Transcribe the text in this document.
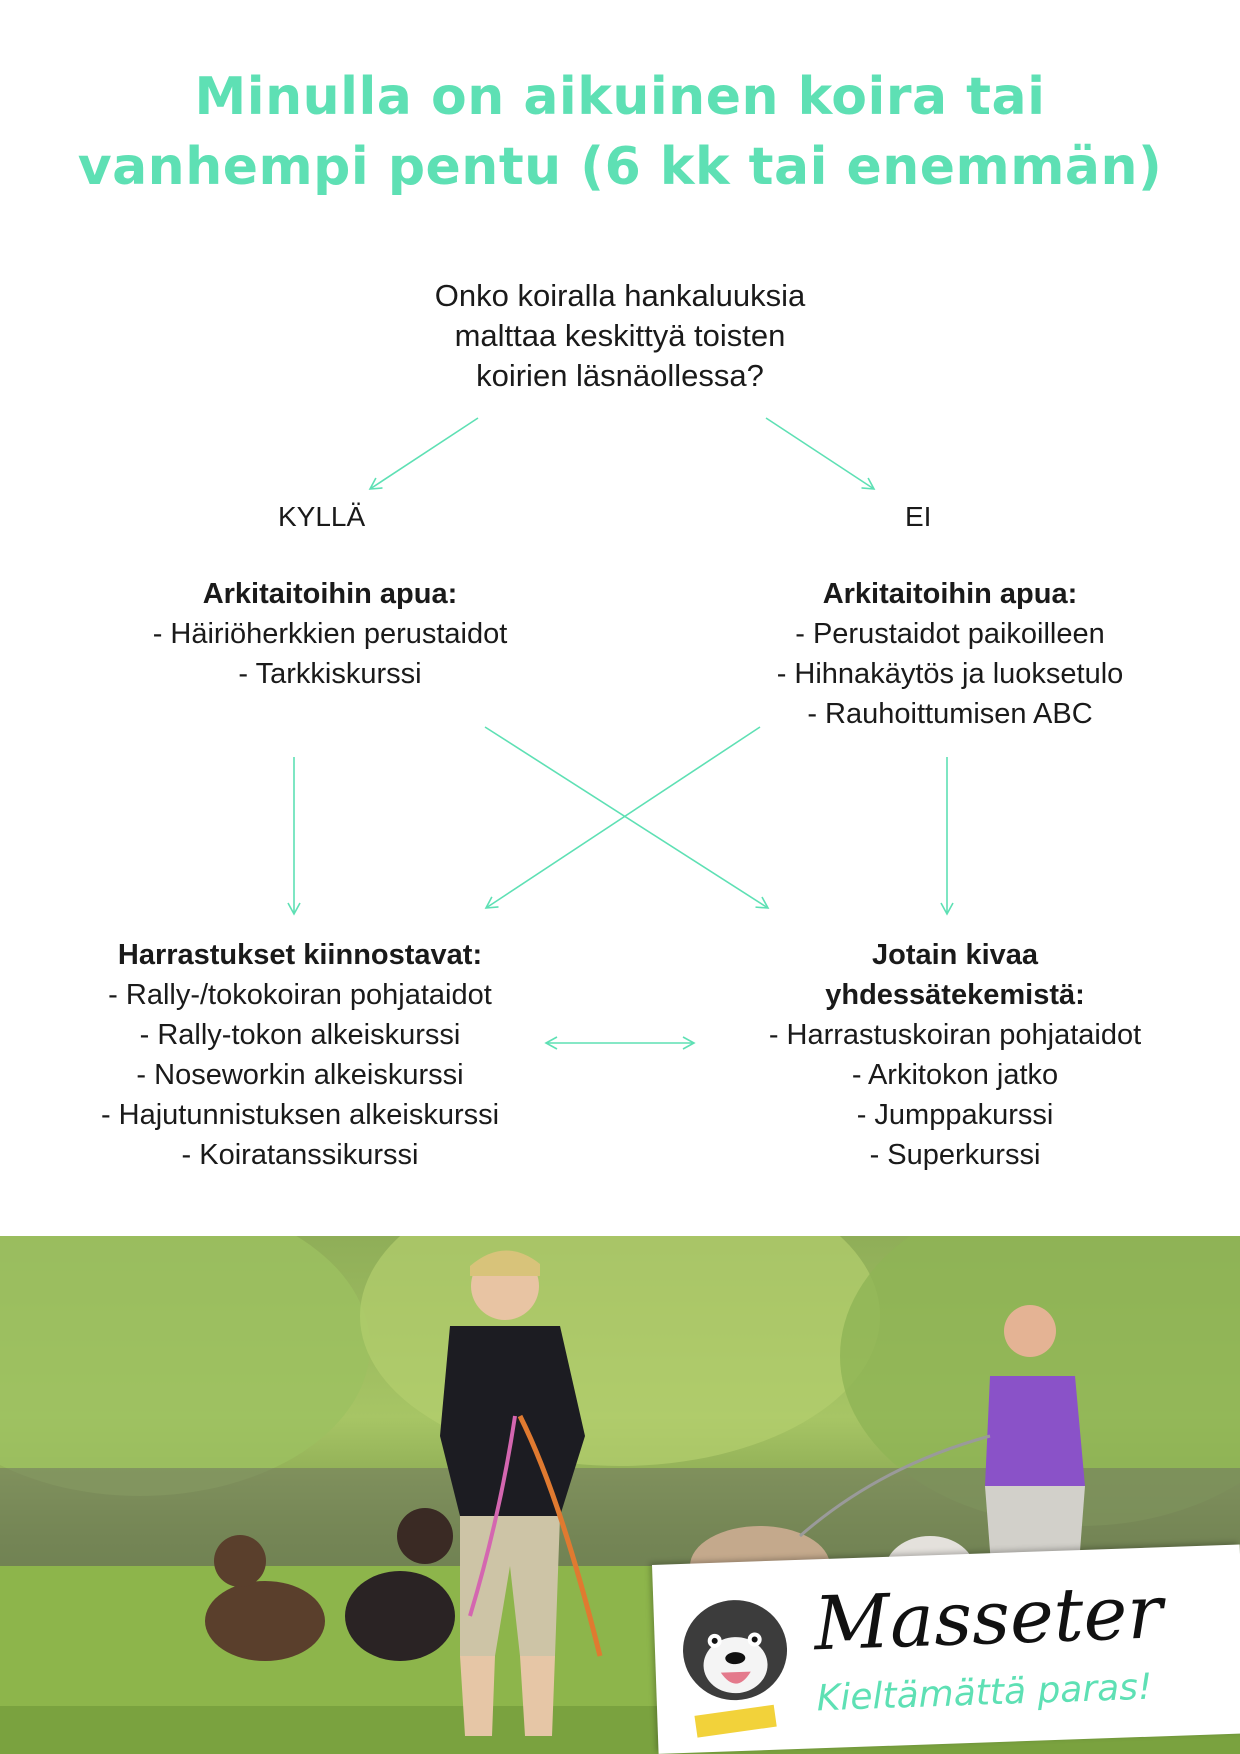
Minulla on aikuinen koira tai
vanhempi pentu (6 kk tai enemmän)
Onko koiralla hankaluuksia
malttaa keskittyä toisten
koirien läsnäollessa?
KYLLÄ	EI
Arkitaitoihin apua:
- Häiriöherkkien perustaidot
- Tarkkiskurssi
Arkitaitoihin apua:
- Perustaidot paikoilleen
- Hihnakäytös ja luoksetulo
- Rauhoittumisen ABC
Harrastukset kiinnostavat:
- Rally-/tokokoiran pohjataidot
- Rally-tokon alkeiskurssi
- Noseworkin alkeiskurssi
- Hajutunnistuksen alkeiskurssi
- Koiratanssikurssi
Jotain kivaa
yhdessätekemistä:
- Harrastuskoiran pohjataidot
- Arkitokon jatko
- Jumppakurssi
- Superkurssi
Masseter
Kieltämättä paras!
